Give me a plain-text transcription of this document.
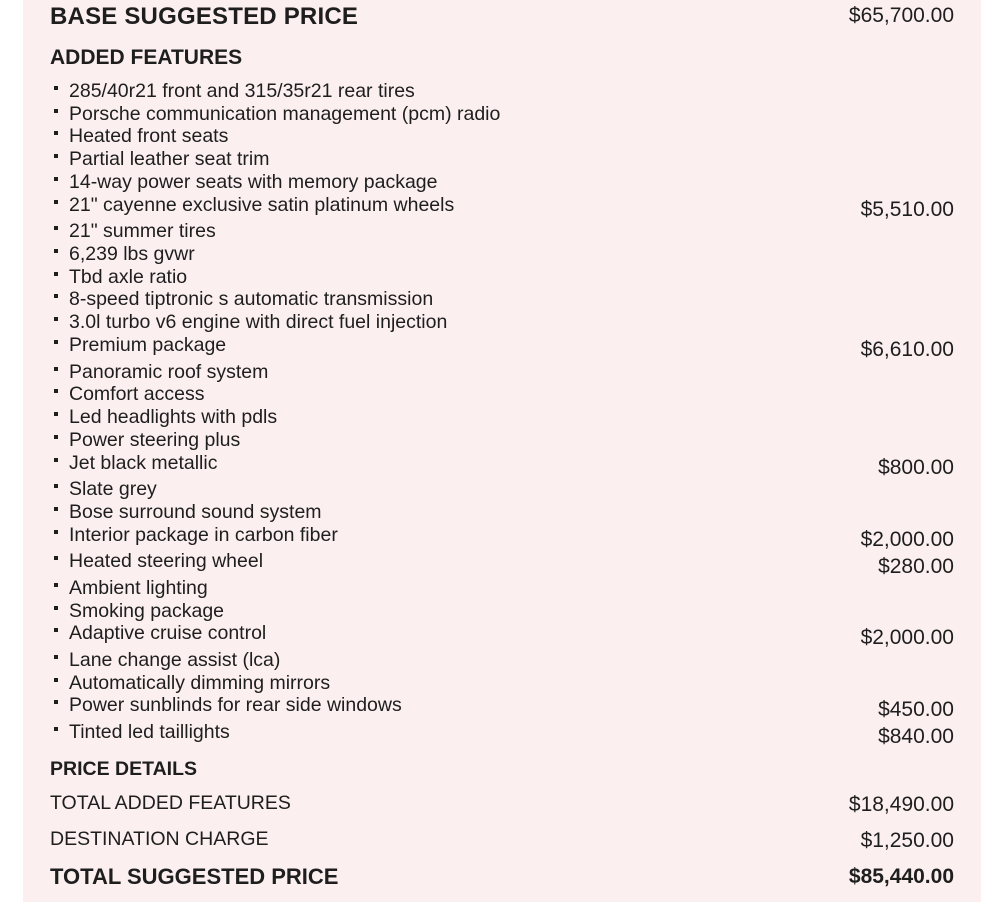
BASE SUGGESTED PRICE	$65,700.00
ADDED FEATURES
285/40r21 front and 315/35r21 rear tires
Porsche communication management (pcm) radio
Heated front seats
Partial leather seat trim
14-way power seats with memory package
21" cayenne exclusive satin platinum wheels	$5,510.00
21" summer tires
6,239 lbs gvwr
Tbd axle ratio
8-speed tiptronic s automatic transmission
3.0l turbo v6 engine with direct fuel injection
Premium package	$6,610.00
Panoramic roof system
Comfort access
Led headlights with pdls
Power steering plus
Jet black metallic	$800.00
Slate grey
Bose surround sound system
Interior package in carbon fiber	$2,000.00
Heated steering wheel	$280.00
Ambient lighting
Smoking package
Adaptive cruise control	$2,000.00
Lane change assist (lca)
Automatically dimming mirrors
Power sunblinds for rear side windows	$450.00
Tinted led taillights	$840.00
PRICE DETAILS
TOTAL ADDED FEATURES	$18,490.00
DESTINATION CHARGE	$1,250.00
TOTAL SUGGESTED PRICE	$85,440.00
